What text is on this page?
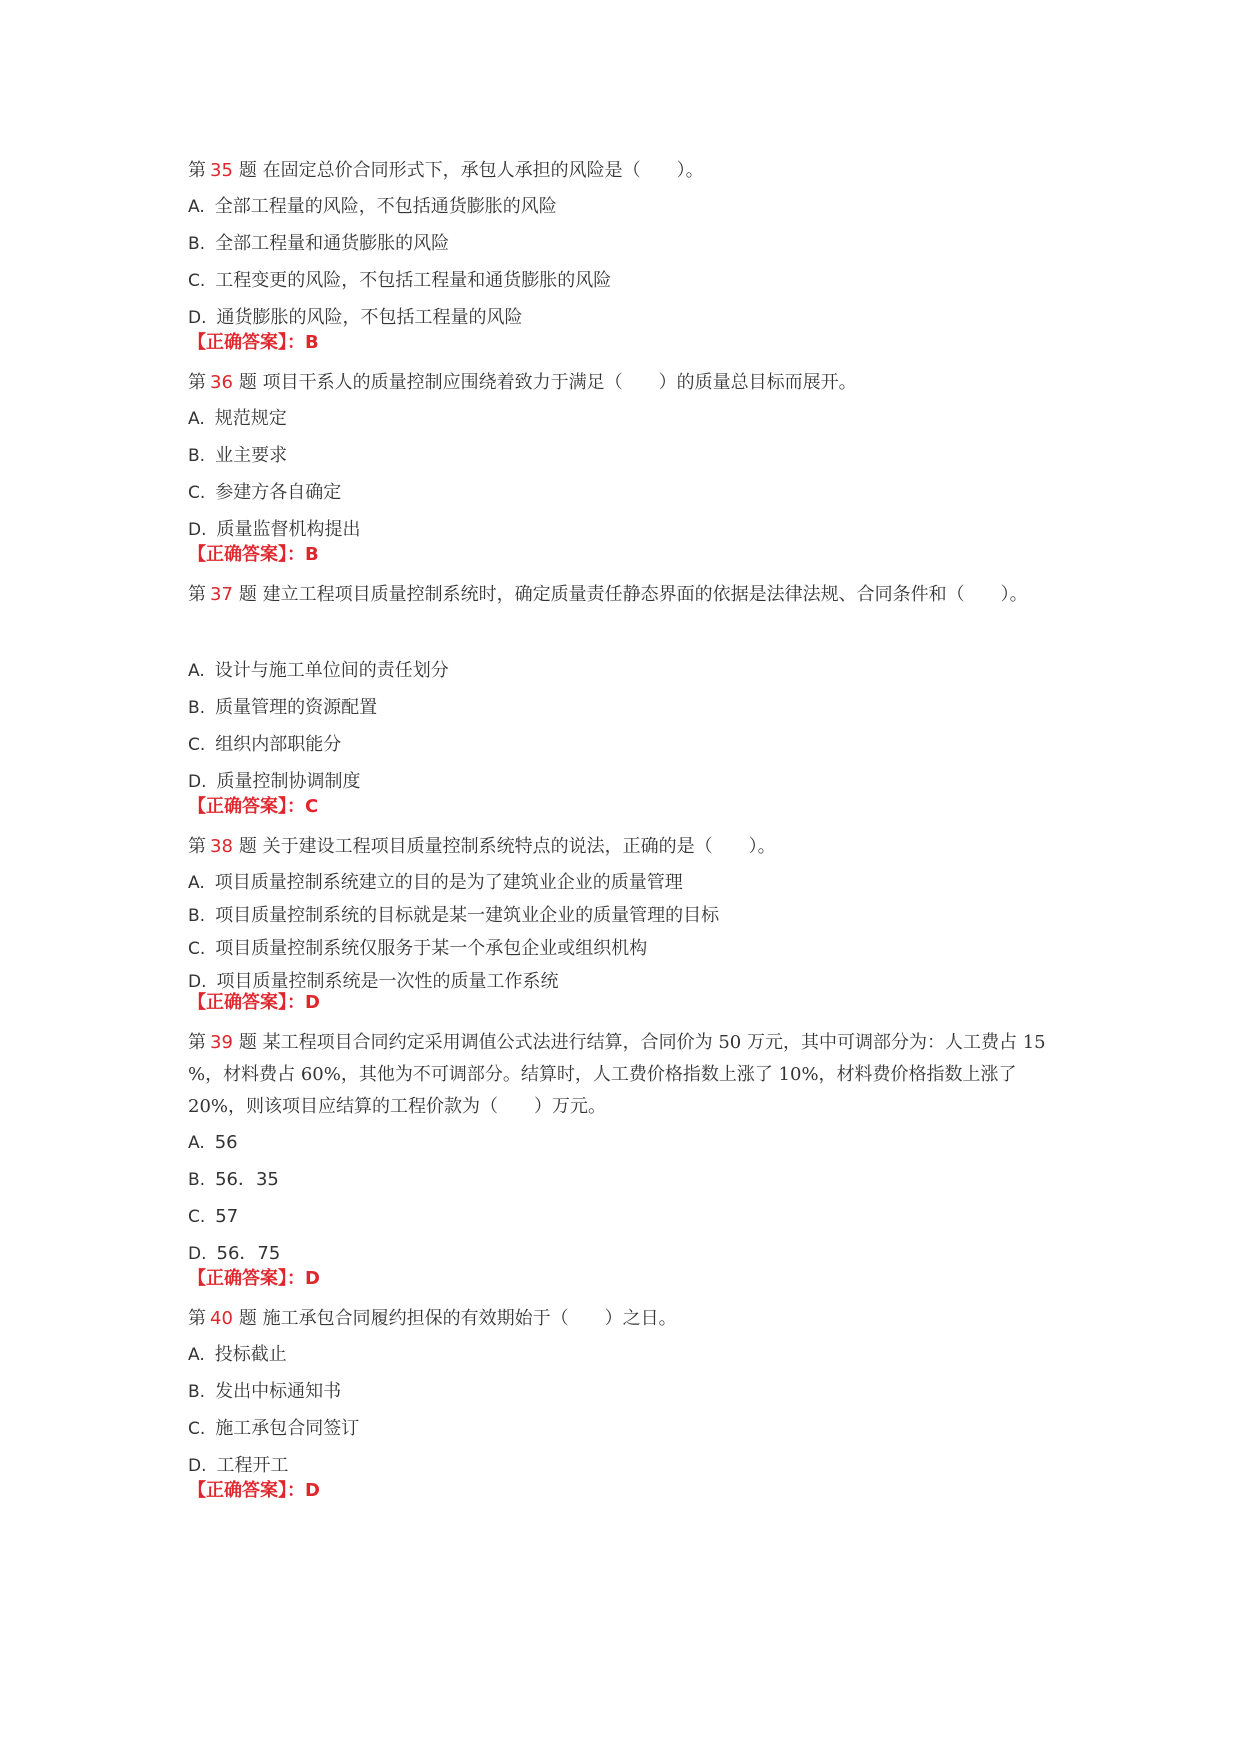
第 35 题 在固定总价合同形式下，承包人承担的风险是（　　）。
A. 全部工程量的风险，不包括通货膨胀的风险
B. 全部工程量和通货膨胀的风险
C. 工程变更的风险，不包括工程量和通货膨胀的风险
D. 通货膨胀的风险，不包括工程量的风险
【正确答案】：B
第 36 题 项目干系人的质量控制应围绕着致力于满足（　　）的质量总目标而展开。
A. 规范规定
B. 业主要求
C. 参建方各自确定
D. 质量监督机构提出
【正确答案】：B
第 37 题 建立工程项目质量控制系统时，确定质量责任静态界面的依据是法律法规、合同条件和（　　）。
A. 设计与施工单位间的责任划分
B. 质量管理的资源配置
C. 组织内部职能分
D. 质量控制协调制度
【正确答案】：C
第 38 题 关于建设工程项目质量控制系统特点的说法，正确的是（　　）。
A. 项目质量控制系统建立的目的是为了建筑业企业的质量管理
B. 项目质量控制系统的目标就是某一建筑业企业的质量管理的目标
C. 项目质量控制系统仅服务于某一个承包企业或组织机构
D. 项目质量控制系统是一次性的质量工作系统
【正确答案】：D
第 39 题 某工程项目合同约定采用调值公式法进行结算，合同价为 50 万元，其中可调部分为：人工费占 15
%，材料费占 60%，其他为不可调部分。结算时，人工费价格指数上涨了 10%，材料费价格指数上涨了
20%，则该项目应结算的工程价款为（　　）万元。
A. 56
B. 56．35
C. 57
D. 56．75
【正确答案】：D
第 40 题 施工承包合同履约担保的有效期始于（　　）之日。
A. 投标截止
B. 发出中标通知书
C. 施工承包合同签订
D. 工程开工
【正确答案】：D
